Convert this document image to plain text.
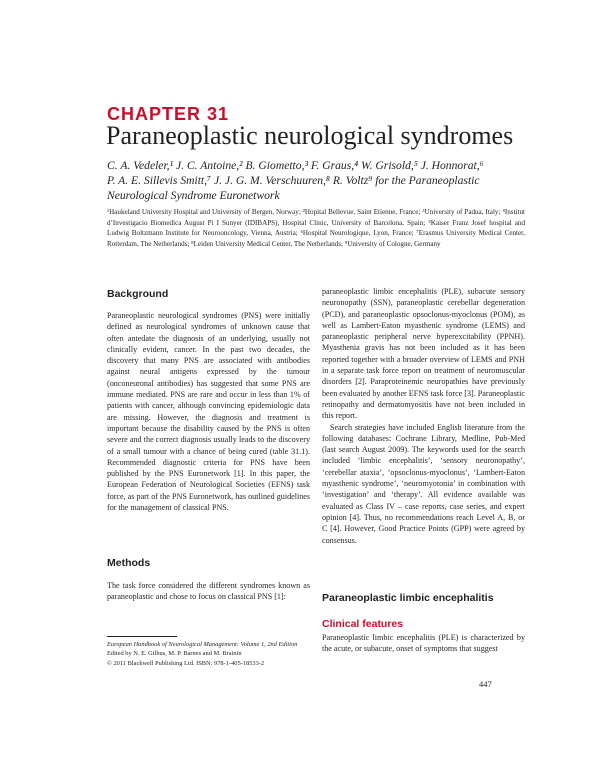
CHAPTER 31
Paraneoplastic neurological syndromes
C. A. Vedeler,¹ J. C. Antoine,² B. Giometto,³ F. Graus,⁴ W. Grisold,⁵ J. Honnorat,⁶
P. A. E. Sillevis Smitt,⁷ J. J. G. M. Verschuuren,⁸ R. Voltz⁹ for the Paraneoplastic
Neurological Syndrome Euronetwork
¹Haukeland University Hospital and University of Bergen, Norway; ²Hopital Bellevue, Saint Etienne, France; ³University of Padua, Italy; ⁴Institut d’Investigacio Biomedica August Pi I Sunyer (IDIBAPS), Hospital Clinic, University of Barcelona, Spain; ⁵Kaiser Franz Josef hospital and Ludwig Boltzmann Institute for Neurooncology, Vienna, Austria; ⁶Hospital Neurologique, Lyon, France; ⁷Erasmus University Medical Center, Rotterdam, The Netherlands; ⁸Leiden University Medical Center, The Netherlands; ⁹University of Cologne, Germany
Background

Paraneoplastic neurological syndromes (PNS) were initially defined as neurological syndromes of unknown cause that often antedate the diagnosis of an underlying, usually not clinically evident, cancer. In the past two decades, the discovery that many PNS are associated with antibodies against neural antigens expressed by the tumour (onconeuronal antibodies) has suggested that some PNS are immune mediated. PNS are rare and occur in less than 1% of patients with cancer, although convincing epidemiologic data are missing. However, the diagnosis and treatment is important because the disability caused by the PNS is often severe and the correct diagnosis usually leads to the discovery of a small tumour with a chance of being cured (table 31.1). Recommended diagnostic criteria for PNS have been published by the PNS Euronetwork [1]. In this paper, the European Federation of Neurological Societies (EFNS) task force, as part of the PNS Euronetwork, has outlined guidelines for the management of classical PNS.

Methods

The task force considered the different syndromes known as paraneoplastic and chose to focus on classical PNS [1]:

European Handbook of Neurological Management: Volume 1, 2nd Edition
Edited by N. E. Gilhus, M. P. Barnes and M. Brainin
© 2011 Blackwell Publishing Ltd. ISBN: 978-1-405-18533-2

paraneoplastic limbic encephalitis (PLE), subacute sensory neuronopathy (SSN), paraneoplastic cerebellar degeneration (PCD), and paraneoplastic opsoclonus-myoclonus (POM), as well as Lambert-Eaton myasthenic syndrome (LEMS) and paraneoplastic peripheral nerve hyperexcitability (PPNH). Myasthenia gravis has not been included as it has been reported together with a broader overview of LEMS and PNH in a separate task force report on treatment of neuromuscular disorders [2]. Paraproteinemic neuropathies have previously been evaluated by another EFNS task force [3]. Paraneoplastic retinopathy and dermatomyositis have not been included in this report.

Search strategies have included English literature from the following databases: Cochrane Library, Medline, Pub-Med (last search August 2009). The keywords used for the search included ‘limbic encephalitis’, ‘sensory neuronopathy’, ‘cerebellar ataxia’, ‘opsoclonus-myoclonus’, ‘Lambert-Eaton myasthenic syndrome’, ‘neuromyotonia’ in combination with ‘investigation’ and ‘therapy’. All evidence available was evaluated as Class IV – case reports, case series, and expert opinion [4]. Thus, no recommendations reach Level A, B, or C [4]. However, Good Practice Points (GPP) were agreed by consensus.

Paraneoplastic limbic encephalitis
Clinical features

Paraneoplastic limbic encephalitis (PLE) is characterized by the acute, or subacute, onset of symptoms that suggest

447
